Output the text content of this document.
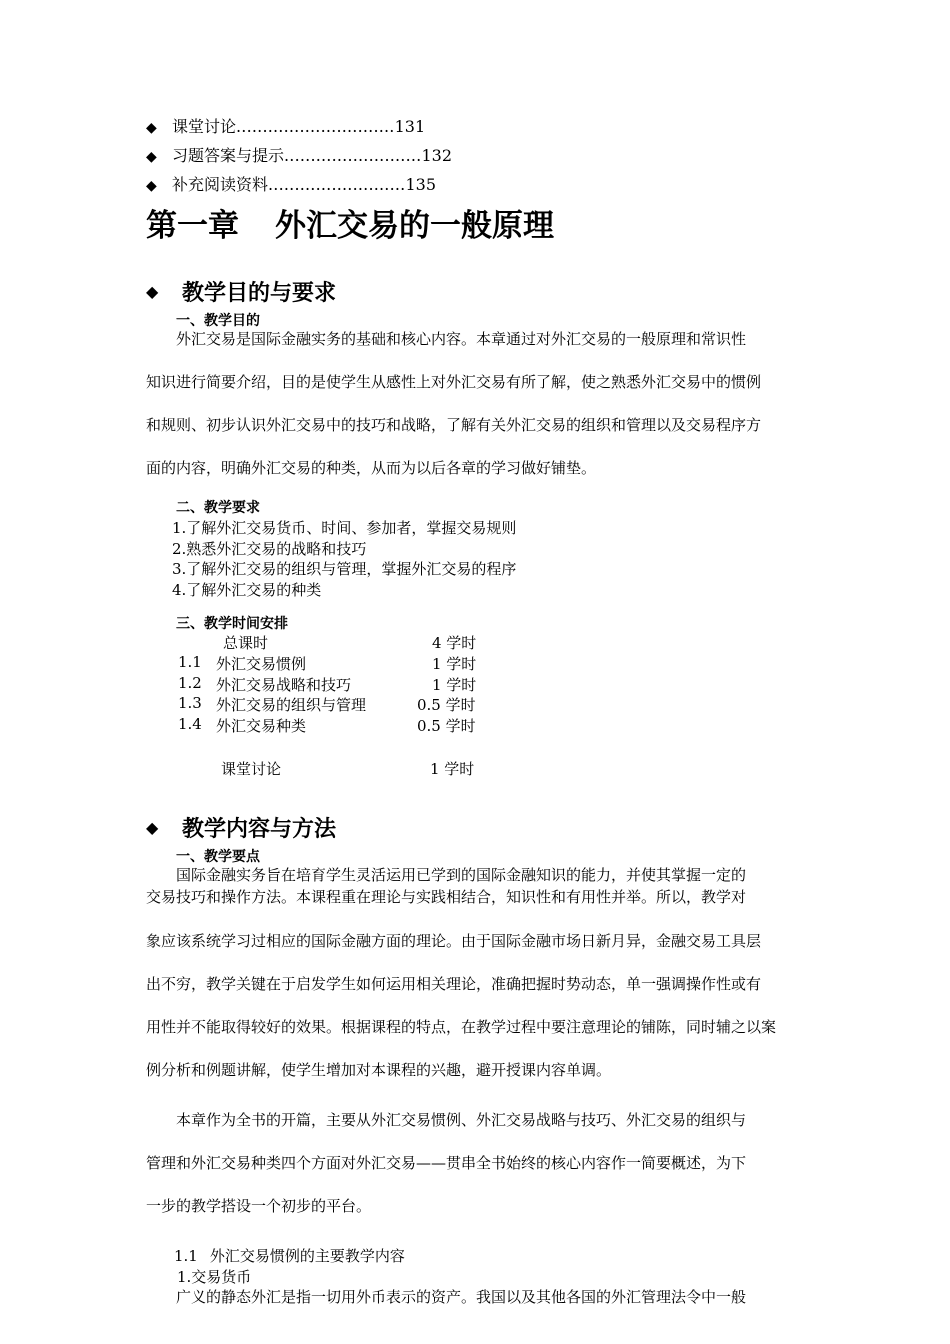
◆ 课堂讨论..............................131
◆ 习题答案与提示..........................132
◆ 补充阅读资料..........................135
第一章 外汇交易的一般原理
◆ 教学目的与要求
一、教学目的
外汇交易是国际金融实务的基础和核心内容。本章通过对外汇交易的一般原理和常识性
知识进行简要介绍，目的是使学生从感性上对外汇交易有所了解，使之熟悉外汇交易中的惯例
和规则、初步认识外汇交易中的技巧和战略，了解有关外汇交易的组织和管理以及交易程序方
面的内容，明确外汇交易的种类，从而为以后各章的学习做好铺垫。
二、教学要求
1.了解外汇交易货币、时间、参加者，掌握交易规则
2.熟悉外汇交易的战略和技巧
3.了解外汇交易的组织与管理，掌握外汇交易的程序
4.了解外汇交易的种类
三、教学时间安排
总课时	4 学时
1.1 外汇交易惯例	1 学时
1.2 外汇交易战略和技巧	1 学时
1.3 外汇交易的组织与管理	0.5 学时
1.4 外汇交易种类	0.5 学时
课堂讨论	1 学时
◆ 教学内容与方法
一、教学要点
国际金融实务旨在培育学生灵活运用已学到的国际金融知识的能力，并使其掌握一定的
交易技巧和操作方法。本课程重在理论与实践相结合，知识性和有用性并举。所以，教学对
象应该系统学习过相应的国际金融方面的理论。由于国际金融市场日新月异，金融交易工具层
出不穷，教学关键在于启发学生如何运用相关理论，准确把握时势动态，单一强调操作性或有
用性并不能取得较好的效果。根据课程的特点，在教学过程中要注意理论的铺陈，同时辅之以案
例分析和例题讲解，使学生增加对本课程的兴趣，避开授课内容单调。
本章作为全书的开篇，主要从外汇交易惯例、外汇交易战略与技巧、外汇交易的组织与
管理和外汇交易种类四个方面对外汇交易——贯串全书始终的核心内容作一简要概述，为下
一步的教学搭设一个初步的平台。
1.1 外汇交易惯例的主要教学内容
1.交易货币
广义的静态外汇是指一切用外币表示的资产。我国以及其他各国的外汇管理法令中一般
